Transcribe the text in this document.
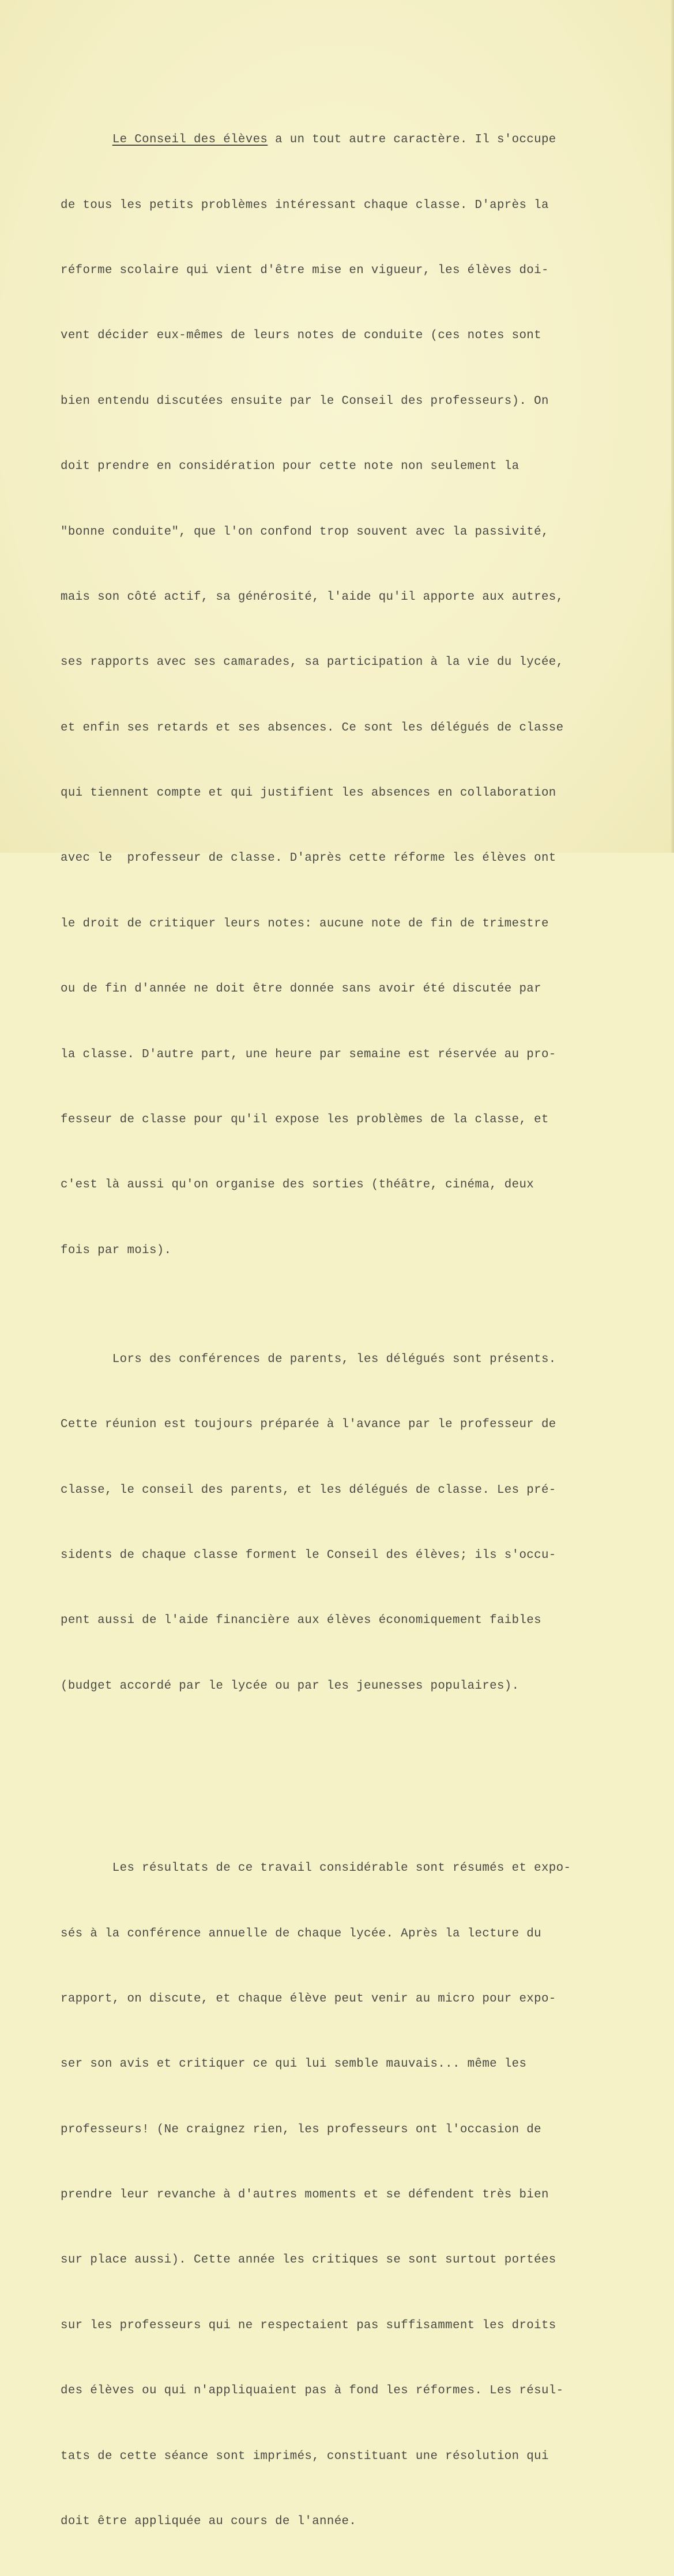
Le Conseil des élèves a un tout autre caractère. Il s'occupe

de tous les petits problèmes intéressant chaque classe. D'après la

réforme scolaire qui vient d'être mise en vigueur, les élèves doi-

vent décider eux-mêmes de leurs notes de conduite (ces notes sont

bien entendu discutées ensuite par le Conseil des professeurs). On

doit prendre en considération pour cette note non seulement la

"bonne conduite", que l'on confond trop souvent avec la passivité,

mais son côté actif, sa générosité, l'aide qu'il apporte aux autres,

ses rapports avec ses camarades, sa participation à la vie du lycée,

et enfin ses retards et ses absences. Ce sont les délégués de classe

qui tiennent compte et qui justifient les absences en collaboration

avec le  professeur de classe. D'après cette réforme les élèves ont

le droit de critiquer leurs notes: aucune note de fin de trimestre

ou de fin d'année ne doit être donnée sans avoir été discutée par

la classe. D'autre part, une heure par semaine est réservée au pro-

fesseur de classe pour qu'il expose les problèmes de la classe, et

c'est là aussi qu'on organise des sorties (théâtre, cinéma, deux

fois par mois).

Lors des conférences de parents, les délégués sont présents.

Cette réunion est toujours préparée à l'avance par le professeur de

classe, le conseil des parents, et les délégués de classe. Les pré-

sidents de chaque classe forment le Conseil des élèves; ils s'occu-

pent aussi de l'aide financière aux élèves économiquement faibles

(budget accordé par le lycée ou par les jeunesses populaires).

Les résultats de ce travail considérable sont résumés et expo-

sés à la conférence annuelle de chaque lycée. Après la lecture du

rapport, on discute, et chaque élève peut venir au micro pour expo-

ser son avis et critiquer ce qui lui semble mauvais... même les

professeurs! (Ne craignez rien, les professeurs ont l'occasion de

prendre leur revanche à d'autres moments et se défendent très bien

sur place aussi). Cette année les critiques se sont surtout portées

sur les professeurs qui ne respectaient pas suffisamment les droits

des élèves ou qui n'appliquaient pas à fond les réformes. Les résul-

tats de cette séance sont imprimés, constituant une résolution qui

doit être appliquée au cours de l'année.
